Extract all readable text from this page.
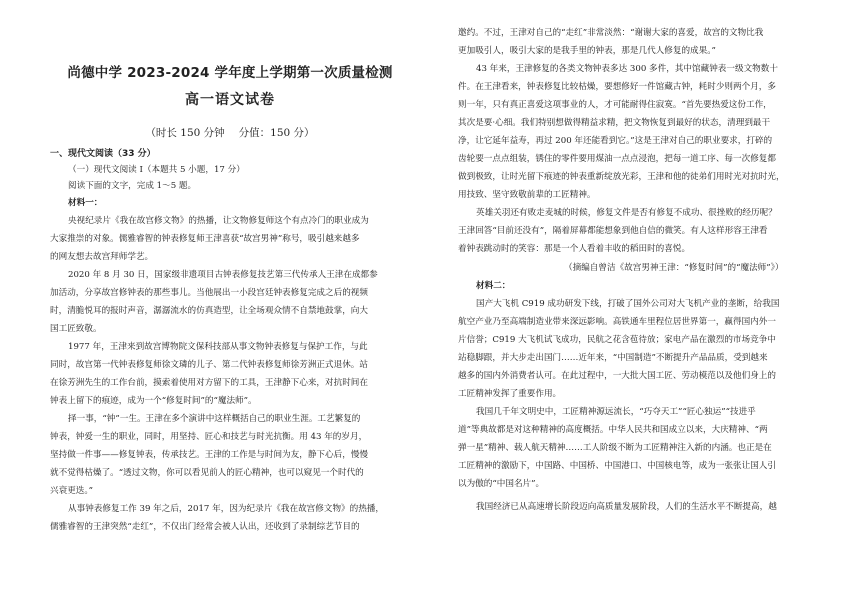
尚德中学 2023-2024 学年度上学期第一次质量检测
高一语文试卷
（时长 150 分钟 分值：150 分）
一、现代文阅读（33 分）
（一）现代文阅读 I（本题共 5 小题，17 分）
阅读下面的文字，完成 1～5 题。
材料一：
央视纪录片《我在故宫修文物》的热播，让文物修复师这个有点冷门的职业成为
大家推崇的对象。儒雅睿智的钟表修复师王津喜获“故宫男神”称号，吸引越来越多
的网友想去故宫拜师学艺。
2020 年 8 月 30 日，国家级非遗项目古钟表修复技艺第三代传承人王津在成都参
加活动，分享故宫修钟表的那些事儿。当他展出一小段宫廷钟表修复完成之后的视频
时，清脆悦耳的报时声音，潺潺流水的仿真造型，让全场观众情不自禁地鼓掌，向大
国工匠致敬。
1977 年，王津来到故宫博物院文保科技部从事文物钟表修复与保护工作，与此
同时，故宫第一代钟表修复师徐文璘的儿子、第二代钟表修复师徐芳洲正式退休。站
在徐芳洲先生的工作台前，摸索着使用对方留下的工具，王津静下心来，对抗时间在
钟表上留下的痕迹，成为一个“修复时间”的“魔法师”。
择一事，“钟”一生。王津在多个演讲中这样概括自己的职业生涯。工艺繁复的
钟表，钟爱一生的职业，同时，用坚持、匠心和技艺与时光抗衡。用 43 年的岁月，
坚持做一件事——修复钟表，传承技艺。王津的工作是与时间为友，静下心后，慢慢
就不觉得枯燥了。“透过文物，你可以看见前人的匠心精神，也可以窥见一个时代的
兴衰更迭。”
从事钟表修复工作 39 年之后，2017 年，因为纪录片《我在故宫修文物》的热播，
儒雅睿智的王津突然“走红”，不仅出门经常会被人认出，还收到了录制综艺节目的
邀约。不过，王津对自己的“走红”非常淡然：“谢谢大家的喜爱，故宫的文物比我
更加吸引人，吸引大家的是我手里的钟表，那是几代人修复的成果。”
43 年来，王津修复的各类文物钟表多达 300 多件，其中馆藏钟表一级文物数十
件。在王津看来，钟表修复比较枯燥，要想修好一件馆藏古钟，耗时少则两个月，多
则一年，只有真正喜爱这项事业的人，才可能耐得住寂寞。“首先要热爱这份工作，
其次是要·心细。我们特别想做得精益求精，把文物恢复到最好的状态，清理到最干
净，让它延年益寿，再过 200 年还能看到它。”这是王津对自己的职业要求，打碎的
齿轮要一点点组装，锈住的零件要用煤油一点点浸泡，把每一道工序、每一次修复都
做到极致，让时光留下痕迹的钟表重新绽放光彩，王津和他的徒弟们用时光对抗时光，
用技致、坚守致敬前辈的工匠精神。
英雄关羽还有败走麦城的时候，修复文件是否有修复不成功、很挫败的经历呢？
王津回答“目前还没有”，隔着屏幕都能想象到他自信的微笑。有人这样形容王津看
着钟表跳动时的笑容：那是一个人看着丰收的稻田时的喜悦。
（摘编自曾洁《故宫男神王津：“修复时间”的“魔法师”》）
材料二：
国产大飞机 C919 成功研发下线，打破了国外公司对大飞机产业的垄断，给我国
航空产业乃至高端制造业带来深远影响。高铁通车里程位居世界第一，赢得国内外一
片信誉；C919 大飞机试飞成功，民航之花含苞待放；家电产品在激烈的市场竞争中
站稳脚跟，并大步走出国门……近年来，“中国制造”不断提升产品品质，受到越来
越多的国内外消费者认可。在此过程中，一大批大国工匠、劳动模范以及他们身上的
工匠精神发挥了重要作用。
我国几千年文明史中，工匠精神源远流长，“巧夺天工”“匠心独运”“技进乎
道”等典故都是对这种精神的高度概括。中华人民共和国成立以来，大庆精神、“两
弹一星”精神、载人航天精神……工人阶级不断为工匠精神注入新的内涵。也正是在
工匠精神的激励下，中国路、中国桥、中国港口、中国核电等，成为一张张让国人引
以为傲的“中国名片”。
我国经济已从高速增长阶段迈向高质量发展阶段，人们的生活水平不断提高，越
